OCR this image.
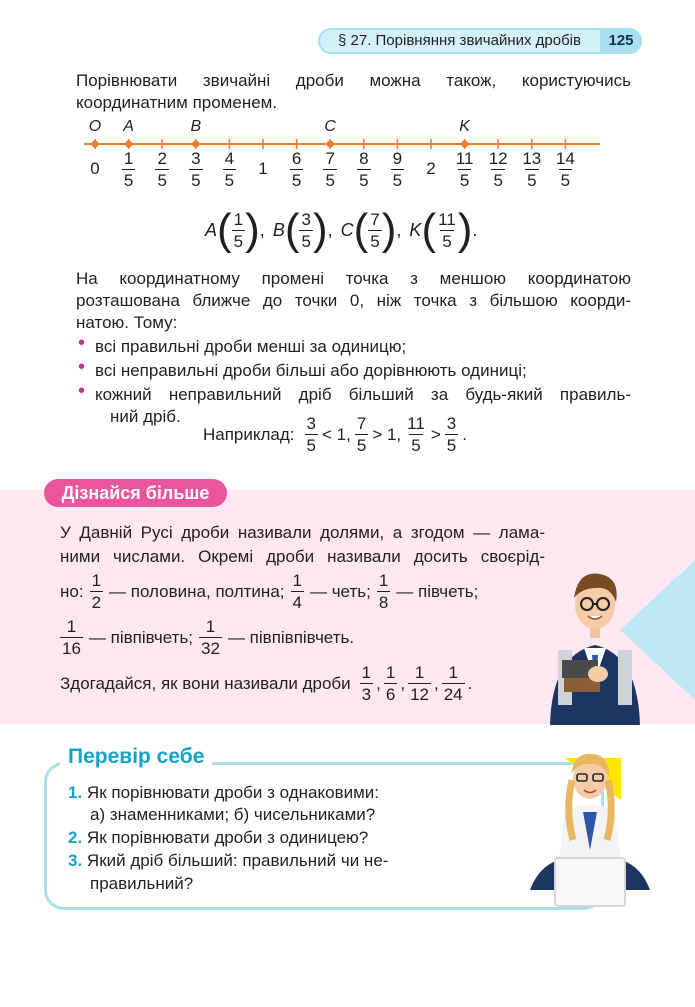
§ 27. Порівняння звичайних дробів	125
Порівнювати звичайні дроби можна також, користуючись
координатним променем.
O A	B	C	K
$0 \frac{1}{5} \frac{2}{5} \frac{3}{5} \frac{4}{5} 1 \frac{6}{5} \frac{7}{5} \frac{8}{5} \frac{9}{5} 2 \frac{11}{5} \frac{12}{5} \frac{13}{5} \frac{14}{5}$
A ( $\frac{1}{5}$ ) , B ( $\frac{3}{5}$ ) , C ( $\frac{7}{5}$ ) , K ( $\frac{11}{5}$ ) .
На координатному промені точка з меншою координатою
розташована ближче до точки 0, ніж точка з більшою коорди-
натою. Тому:
• всі правильні дроби менші за одиницю;
• всі неправильні дроби більші або дорівнюють одиниці;
• кожний неправильний дріб більший за будь-який правиль-
ний дріб.
Наприклад: $\frac{3}{5} < 1$, $\frac{7}{5} > 1$, $\frac{11}{5} > \frac{3}{5}$ .
Дізнайся більше
У Давній Русі дроби називали долями, а згодом — лама-
ними числами. Окремі дроби називали досить своєрід-
но: $\frac{1}{2}$ — половина, полтина; $\frac{1}{4}$ — четь; $\frac{1}{8}$ — півчеть;
$\frac{1}{16}$ — півпівчеть; $\frac{1}{32}$ — півпівпівчеть.
Здогадайся, як вони називали дроби $\frac{1}{3}$ , $\frac{1}{6}$ , $\frac{1}{12}$ , $\frac{1}{24}$ .
Перевір себе
1. Як порівнювати дроби з однаковими:
а) знаменниками; б) чисельниками?
2. Як порівнювати дроби з одиницею?
3. Який дріб більший: правильний чи не-
правильний?
